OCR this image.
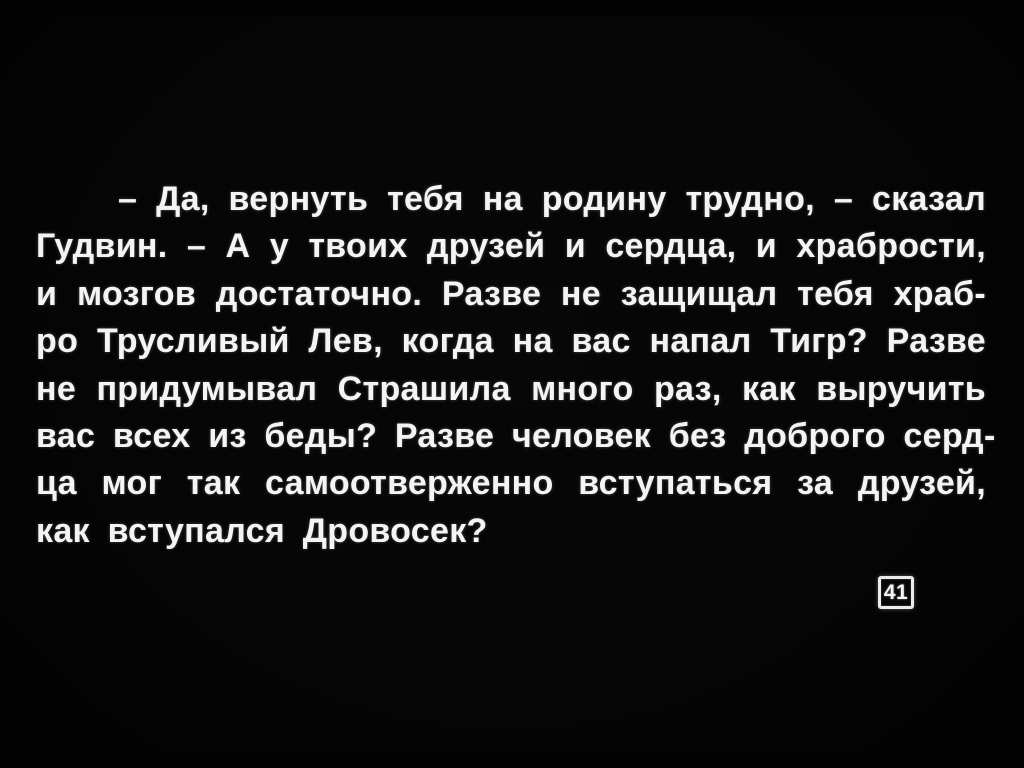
– Да, вернуть тебя на родину трудно, – сказал
Гудвин. – А у твоих друзей и сердца, и храбрости,
и мозгов достаточно. Разве не защищал тебя храб-
ро Трусливый Лев, когда на вас напал Тигр? Разве
не придумывал Страшила много раз, как выручить
вас всех из беды? Разве человек без доброго серд-
ца мог так самоотверженно вступаться за друзей,
как вступался Дровосек?
41
